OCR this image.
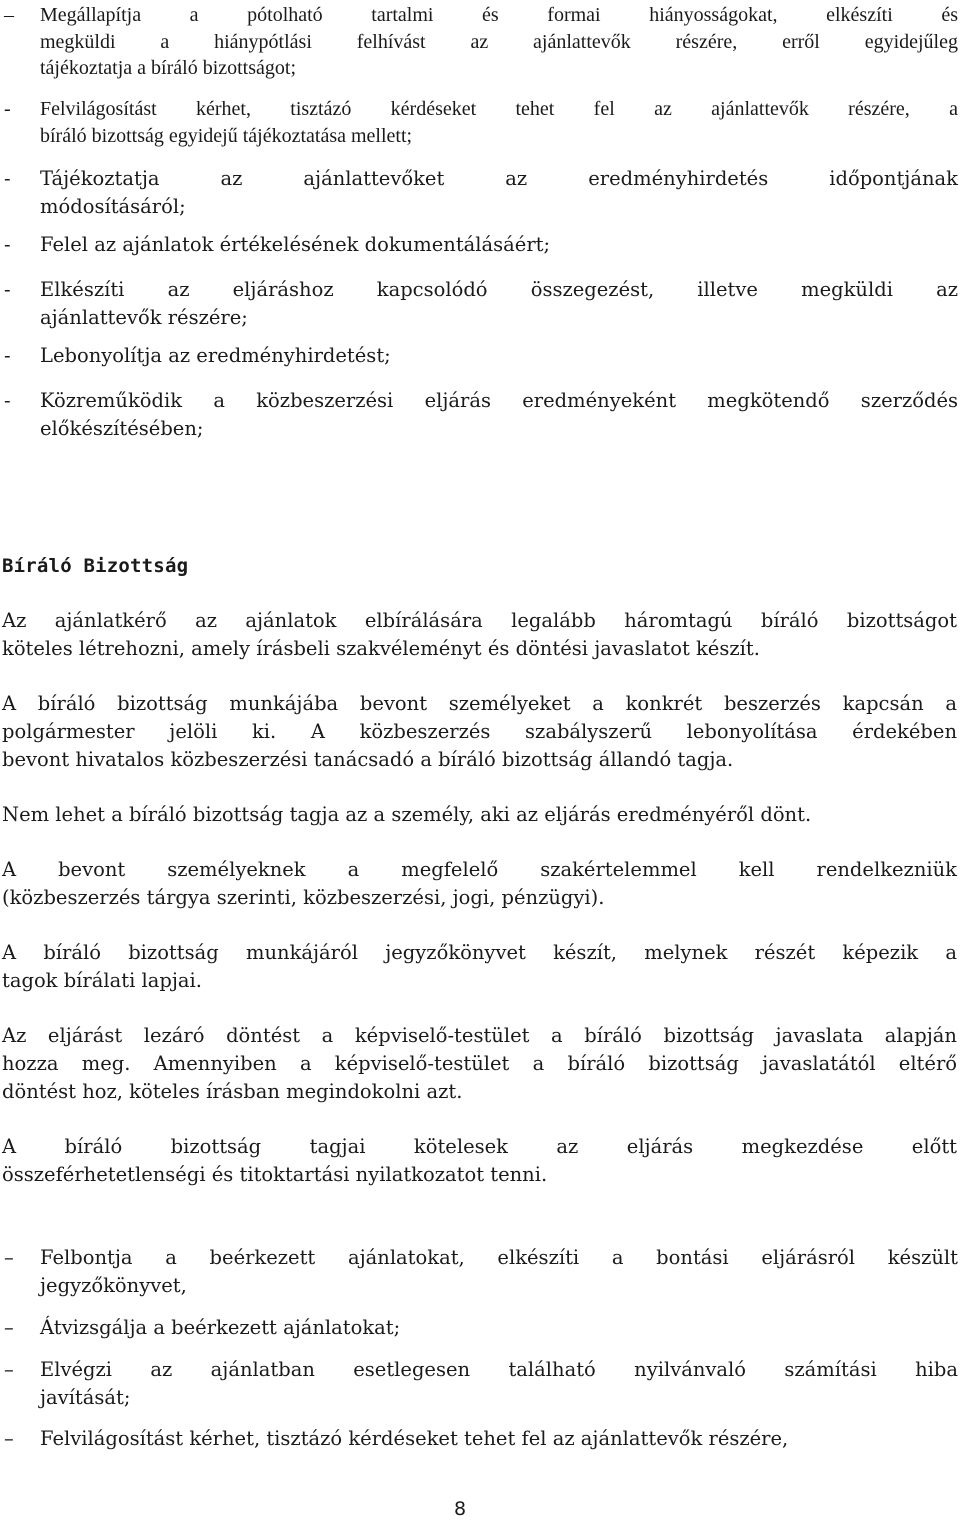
– Megállapítja a pótolható tartalmi és formai hiányosságokat, elkészíti és
megküldi a hiánypótlási felhívást az ajánlattevők részére, erről egyidejűleg
tájékoztatja a bíráló bizottságot;
- Felvilágosítást kérhet, tisztázó kérdéseket tehet fel az ajánlattevők részére, a
bíráló bizottság egyidejű tájékoztatása mellett;
- Tájékoztatja az ajánlattevőket az eredményhirdetés időpontjának
módosításáról;
- Felel az ajánlatok értékelésének dokumentálásáért;
- Elkészíti az eljáráshoz kapcsolódó összegezést, illetve megküldi az
ajánlattevők részére;
- Lebonyolítja az eredményhirdetést;
- Közreműködik a közbeszerzési eljárás eredményeként megkötendő szerződés
előkészítésében;
Bíráló Bizottság
Az ajánlatkérő az ajánlatok elbírálására legalább háromtagú bíráló bizottságot
köteles létrehozni, amely írásbeli szakvéleményt és döntési javaslatot készít.
A bíráló bizottság munkájába bevont személyeket a konkrét beszerzés kapcsán a
polgármester jelöli ki. A közbeszerzés szabályszerű lebonyolítása érdekében
bevont hivatalos közbeszerzési tanácsadó a bíráló bizottság állandó tagja.
Nem lehet a bíráló bizottság tagja az a személy, aki az eljárás eredményéről dönt.
A bevont személyeknek a megfelelő szakértelemmel kell rendelkezniük
(közbeszerzés tárgya szerinti, közbeszerzési, jogi, pénzügyi).
A bíráló bizottság munkájáról jegyzőkönyvet készít, melynek részét képezik a
tagok bírálati lapjai.
Az eljárást lezáró döntést a képviselő-testület a bíráló bizottság javaslata alapján
hozza meg. Amennyiben a képviselő-testület a bíráló bizottság javaslatától eltérő
döntést hoz, köteles írásban megindokolni azt.
A bíráló bizottság tagjai kötelesek az eljárás megkezdése előtt
összeférhetetlenségi és titoktartási nyilatkozatot tenni.
– Felbontja a beérkezett ajánlatokat, elkészíti a bontási eljárásról készült
jegyzőkönyvet,
– Átvizsgálja a beérkezett ajánlatokat;
– Elvégzi az ajánlatban esetlegesen található nyilvánvaló számítási hiba
javítását;
– Felvilágosítást kérhet, tisztázó kérdéseket tehet fel az ajánlattevők részére,
8
